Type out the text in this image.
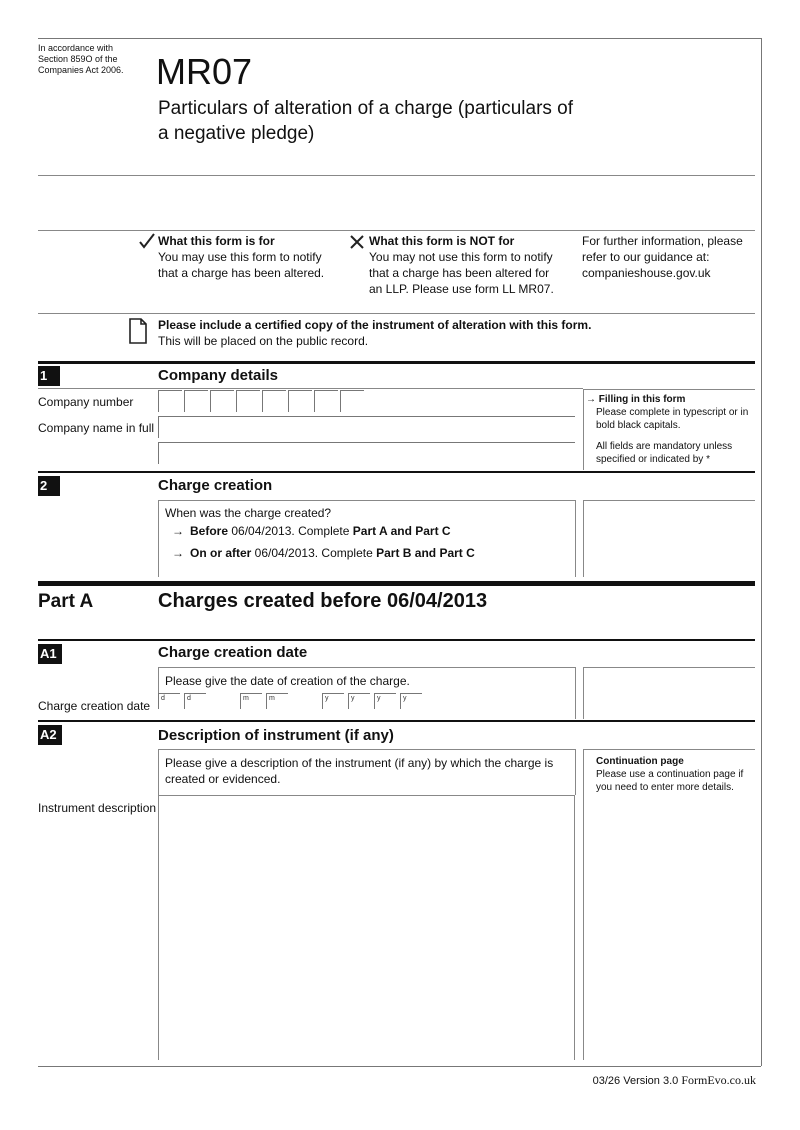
In accordance with
Section 859O of the
Companies Act 2006. MR07
Particulars of alteration of a charge (particulars of
a negative pledge)
What this form is for
You may use this form to notify
that a charge has been altered.
What this form is NOT for
You may not use this form to notify
that a charge has been altered for
an LLP. Please use form LL MR07.
For further information, please
refer to our guidance at:
companieshouse.gov.uk
Please include a certified copy of the instrument of alteration with this form.
This will be placed on the public record.
1	Company details
Company number
Company name in full
→ Filling in this form
Please complete in typescript or in
bold black capitals.
All fields are mandatory unless
specified or indicated by *
2	Charge creation
When was the charge created?
→ Before 06/04/2013. Complete Part A and Part C
→ On or after 06/04/2013. Complete Part B and Part C
Part A	Charges created before 06/04/2013
A1	Charge creation date
Please give the date of creation of the charge.
Charge creation date
d	d	m	m	y	y	y	y
A2	Description of instrument (if any)
Please give a description of the instrument (if any) by which the charge is
created or evidenced.
Instrument description
Continuation page
Please use a continuation page if
you need to enter more details.
03/26 Version 3.0 FormEvo.co.uk
